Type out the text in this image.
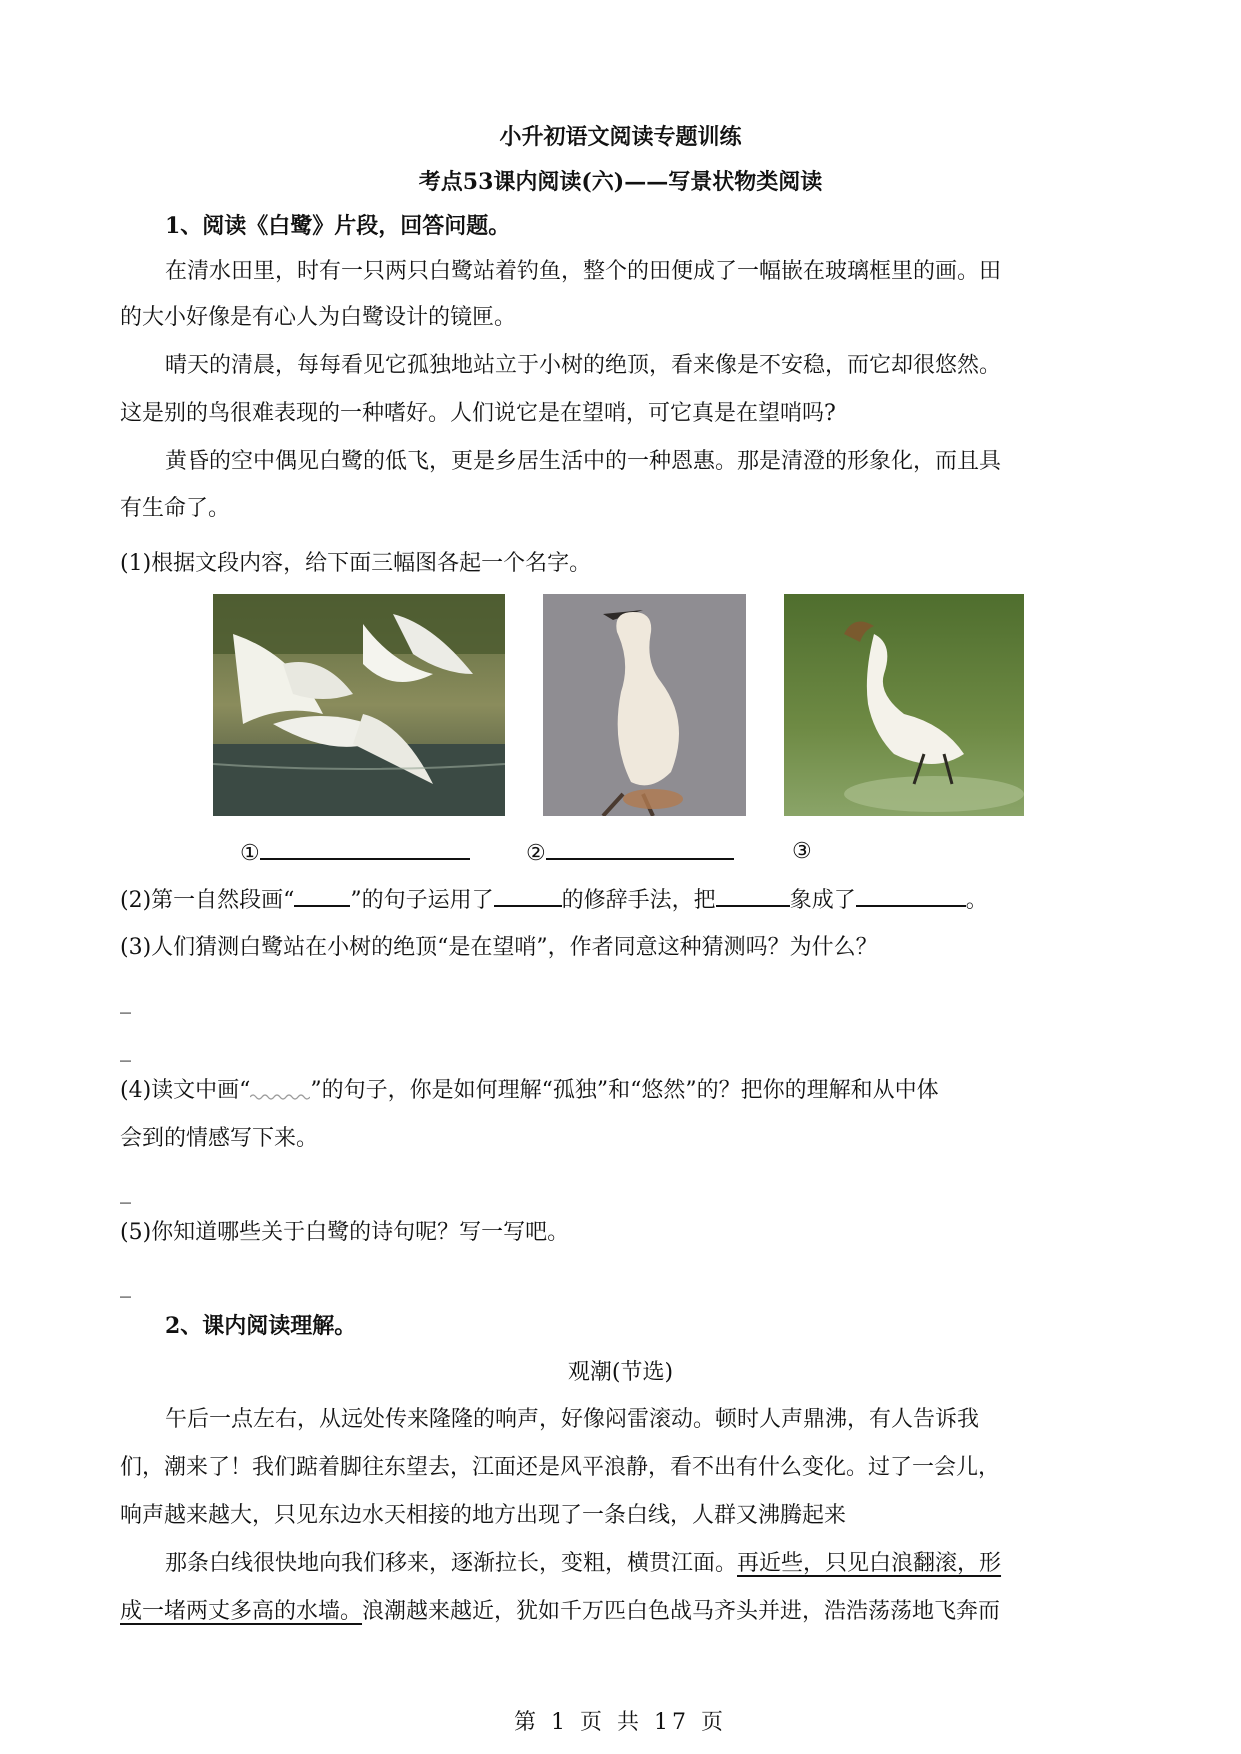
小升初语文阅读专题训练
考点53课内阅读(六)——写景状物类阅读
1、阅读《白鹭》片段，回答问题。
在清水田里，时有一只两只白鹭站着钓鱼，整个的田便成了一幅嵌在玻璃框里的画。田
的大小好像是有心人为白鹭设计的镜匣。
晴天的清晨，每每看见它孤独地站立于小树的绝顶，看来像是不安稳，而它却很悠然。
这是别的鸟很难表现的一种嗜好。人们说它是在望哨，可它真是在望哨吗?
黄昏的空中偶见白鹭的低飞，更是乡居生活中的一种恩惠。那是清澄的形象化，而且具
有生命了。
(1)根据文段内容，给下面三幅图各起一个名字。
①	②	③
(2)第一自然段画“	”的句子运用了	的修辞手法，把	象成了	。
(3)人们猜测白鹭站在小树的绝顶“是在望哨”，作者同意这种猜测吗？为什么？
_
_
(4)读文中画“	”的句子，你是如何理解“孤独”和“悠然”的？把你的理解和从中体
会到的情感写下来。
_
(5)你知道哪些关于白鹭的诗句呢？写一写吧。
_
2、课内阅读理解。
观潮(节选)
午后一点左右，从远处传来隆隆的响声，好像闷雷滚动。顿时人声鼎沸，有人告诉我
们，潮来了！我们踮着脚往东望去，江面还是风平浪静，看不出有什么变化。过了一会儿，
响声越来越大，只见东边水天相接的地方出现了一条白线，人群又沸腾起来
那条白线很快地向我们移来，逐渐拉长，变粗，横贯江面。再近些，只见白浪翻滚，形
成一堵两丈多高的水墙。浪潮越来越近，犹如千万匹白色战马齐头并进，浩浩荡荡地飞奔而
第 1 页 共 17 页
